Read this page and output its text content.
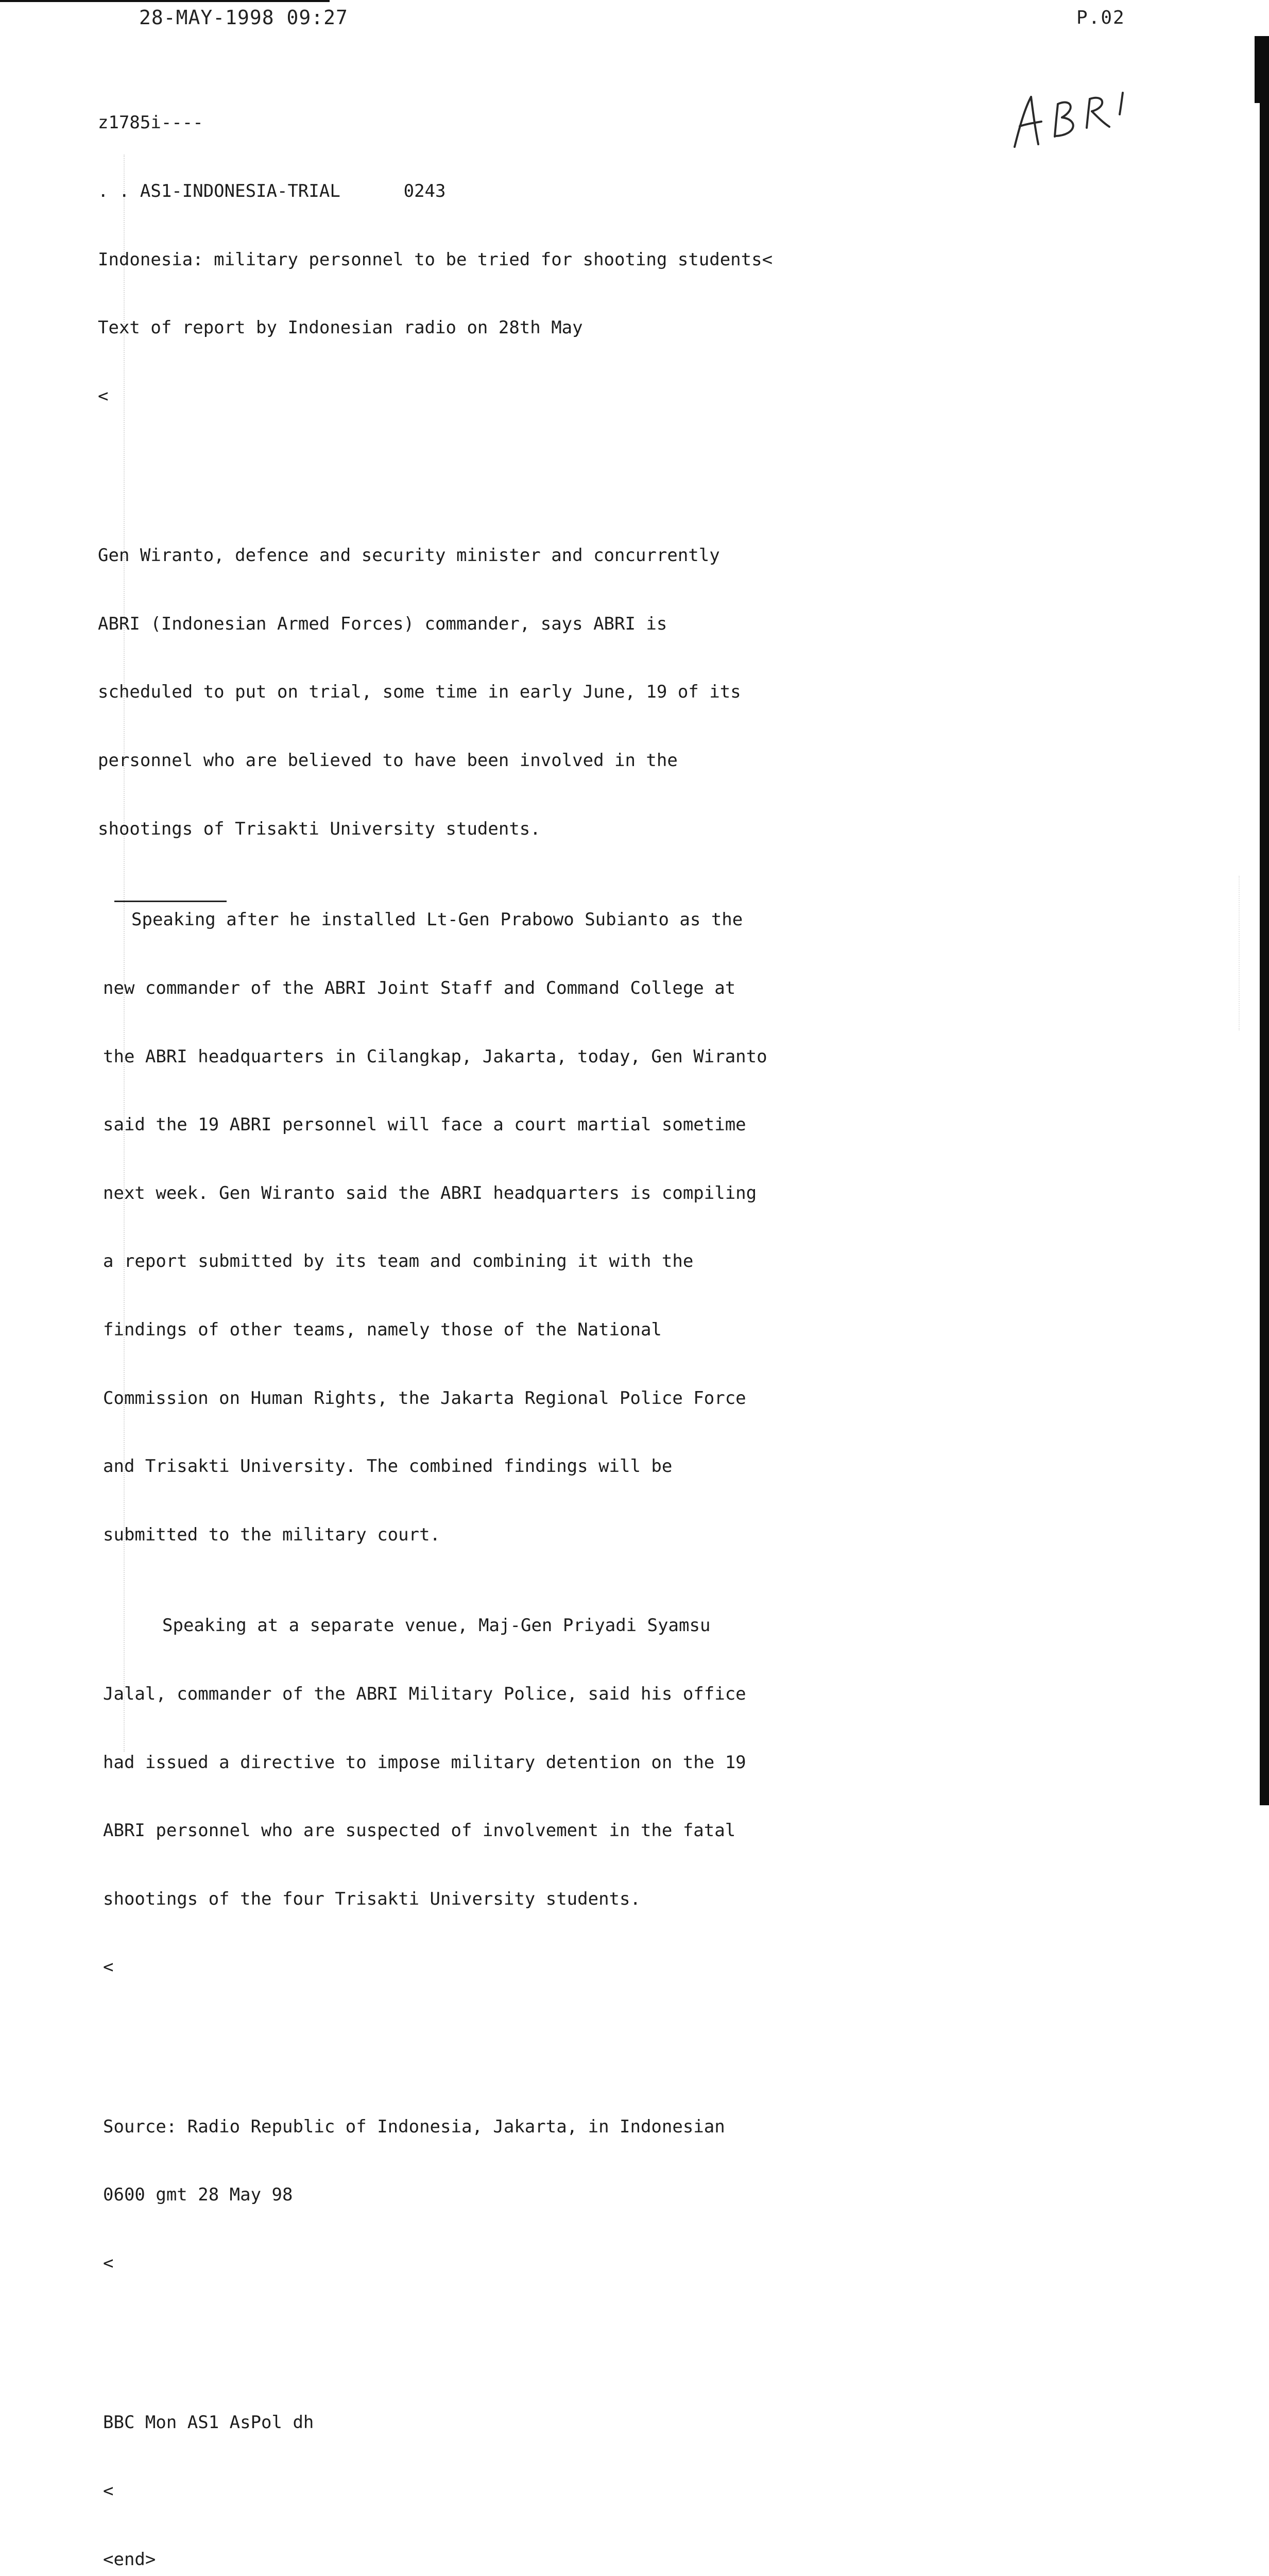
28-MAY-1998 09:27	P.02

z1785i----

. . AS1-INDONESIA-TRIAL      0243

Indonesia: military personnel to be tried for shooting students<

Text of report by Indonesian radio on 28th May

<

Gen Wiranto, defence and security minister and concurrently

ABRI (Indonesian Armed Forces) commander, says ABRI is

scheduled to put on trial, some time in early June, 19 of its

personnel who are believed to have been involved in the

shootings of Trisakti University students.

Speaking after he installed Lt-Gen Prabowo Subianto as the

new commander of the ABRI Joint Staff and Command College at

the ABRI headquarters in Cilangkap, Jakarta, today, Gen Wiranto

said the 19 ABRI personnel will face a court martial sometime

next week. Gen Wiranto said the ABRI headquarters is compiling

a report submitted by its team and combining it with the

findings of other teams, namely those of the National

Commission on Human Rights, the Jakarta Regional Police Force

and Trisakti University. The combined findings will be

submitted to the military court.

Speaking at a separate venue, Maj-Gen Priyadi Syamsu

Jalal, commander of the ABRI Military Police, said his office

had issued a directive to impose military detention on the 19

ABRI personnel who are suspected of involvement in the fatal

shootings of the four Trisakti University students.

<

Source: Radio Republic of Indonesia, Jakarta, in Indonesian

0600 gmt 28 May 98

<

BBC Mon AS1 AsPol dh

<

<end>
